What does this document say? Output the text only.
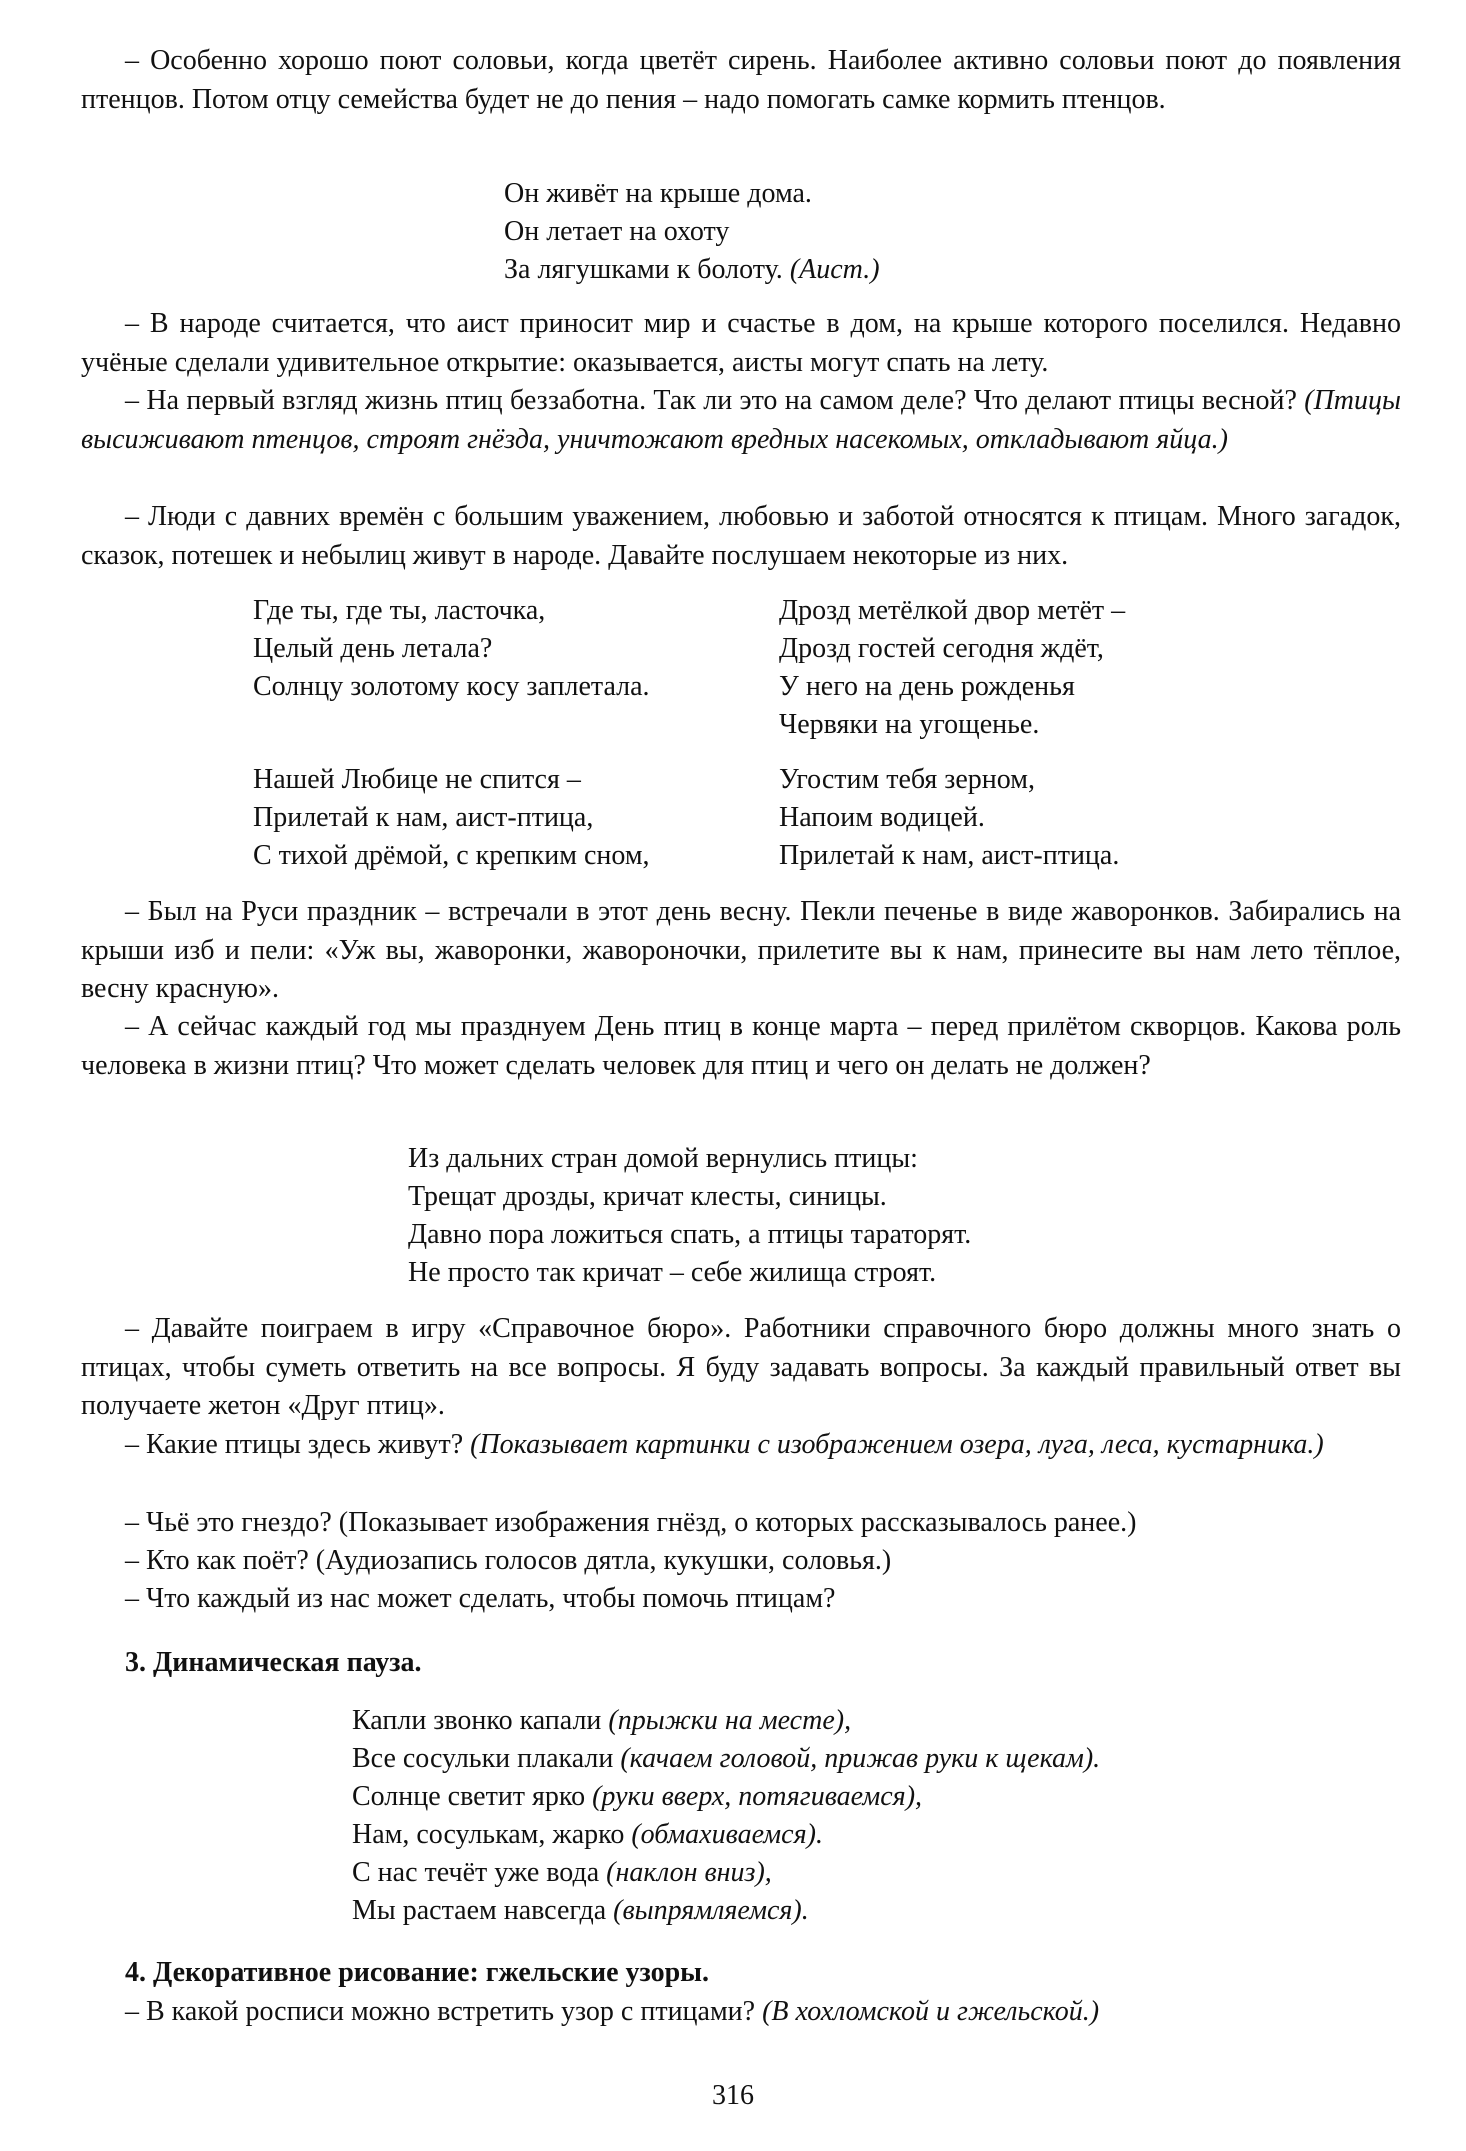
– Особенно хорошо поют соловьи, когда цветёт сирень. Наиболее активно соловьи поют до появления птенцов. Потом отцу семейства будет не до пения – надо помогать самке кормить птенцов.

Он живёт на крыше дома.
Он летает на охоту
За лягушками к болоту. (Аист.)

– В народе считается, что аист приносит мир и счастье в дом, на крыше которого поселился. Недавно учёные сделали удивительное открытие: оказывается, аисты могут спать на лету.

– На первый взгляд жизнь птиц беззаботна. Так ли это на самом деле? Что делают птицы весной? (Птицы высиживают птенцов, строят гнёзда, уничтожают вредных насекомых, откладывают яйца.)

– Люди с давних времён с большим уважением, любовью и заботой относятся к птицам. Много загадок, сказок, потешек и небылиц живут в народе. Давайте послушаем некоторые из них.

Где ты, где ты, ласточка,
Целый день летала?
Солнцу золотому косу заплетала.
Дрозд метёлкой двор метёт –
Дрозд гостей сегодня ждёт,
У него на день рожденья
Червяки на угощенье.
Нашей Любице не спится –
Прилетай к нам, аист-птица,
С тихой дрёмой, с крепким сном,
Угостим тебя зерном,
Напоим водицей.
Прилетай к нам, аист-птица.

– Был на Руси праздник – встречали в этот день весну. Пекли печенье в виде жаворонков. Забирались на крыши изб и пели: «Уж вы, жаворонки, жавороночки, прилетите вы к нам, принесите вы нам лето тёплое, весну красную».

– А сейчас каждый год мы празднуем День птиц в конце марта – перед прилётом скворцов. Какова роль человека в жизни птиц? Что может сделать человек для птиц и чего он делать не должен?

Из дальних стран домой вернулись птицы:
Трещат дрозды, кричат клесты, синицы.
Давно пора ложиться спать, а птицы тараторят.
Не просто так кричат – себе жилища строят.

– Давайте поиграем в игру «Справочное бюро». Работники справочного бюро должны много знать о птицах, чтобы суметь ответить на все вопросы. Я буду задавать вопросы. За каждый правильный ответ вы получаете жетон «Друг птиц».

– Какие птицы здесь живут? (Показывает картинки с изображением озера, луга, леса, кустарника.)

– Чьё это гнездо? (Показывает изображения гнёзд, о которых рассказывалось ранее.)
– Кто как поёт? (Аудиозапись голосов дятла, кукушки, соловья.)
– Что каждый из нас может сделать, чтобы помочь птицам?
3. Динамическая пауза.
Капли звонко капали (прыжки на месте),
Все сосульки плакали (качаем головой, прижав руки к щекам).
Солнце светит ярко (руки вверх, потягиваемся),
Нам, сосулькам, жарко (обмахиваемся).
С нас течёт уже вода (наклон вниз),
Мы растаем навсегда (выпрямляемся).
4. Декоративное рисование: гжельские узоры.
– В какой росписи можно встретить узор с птицами? (В хохломской и гжельской.)
316
